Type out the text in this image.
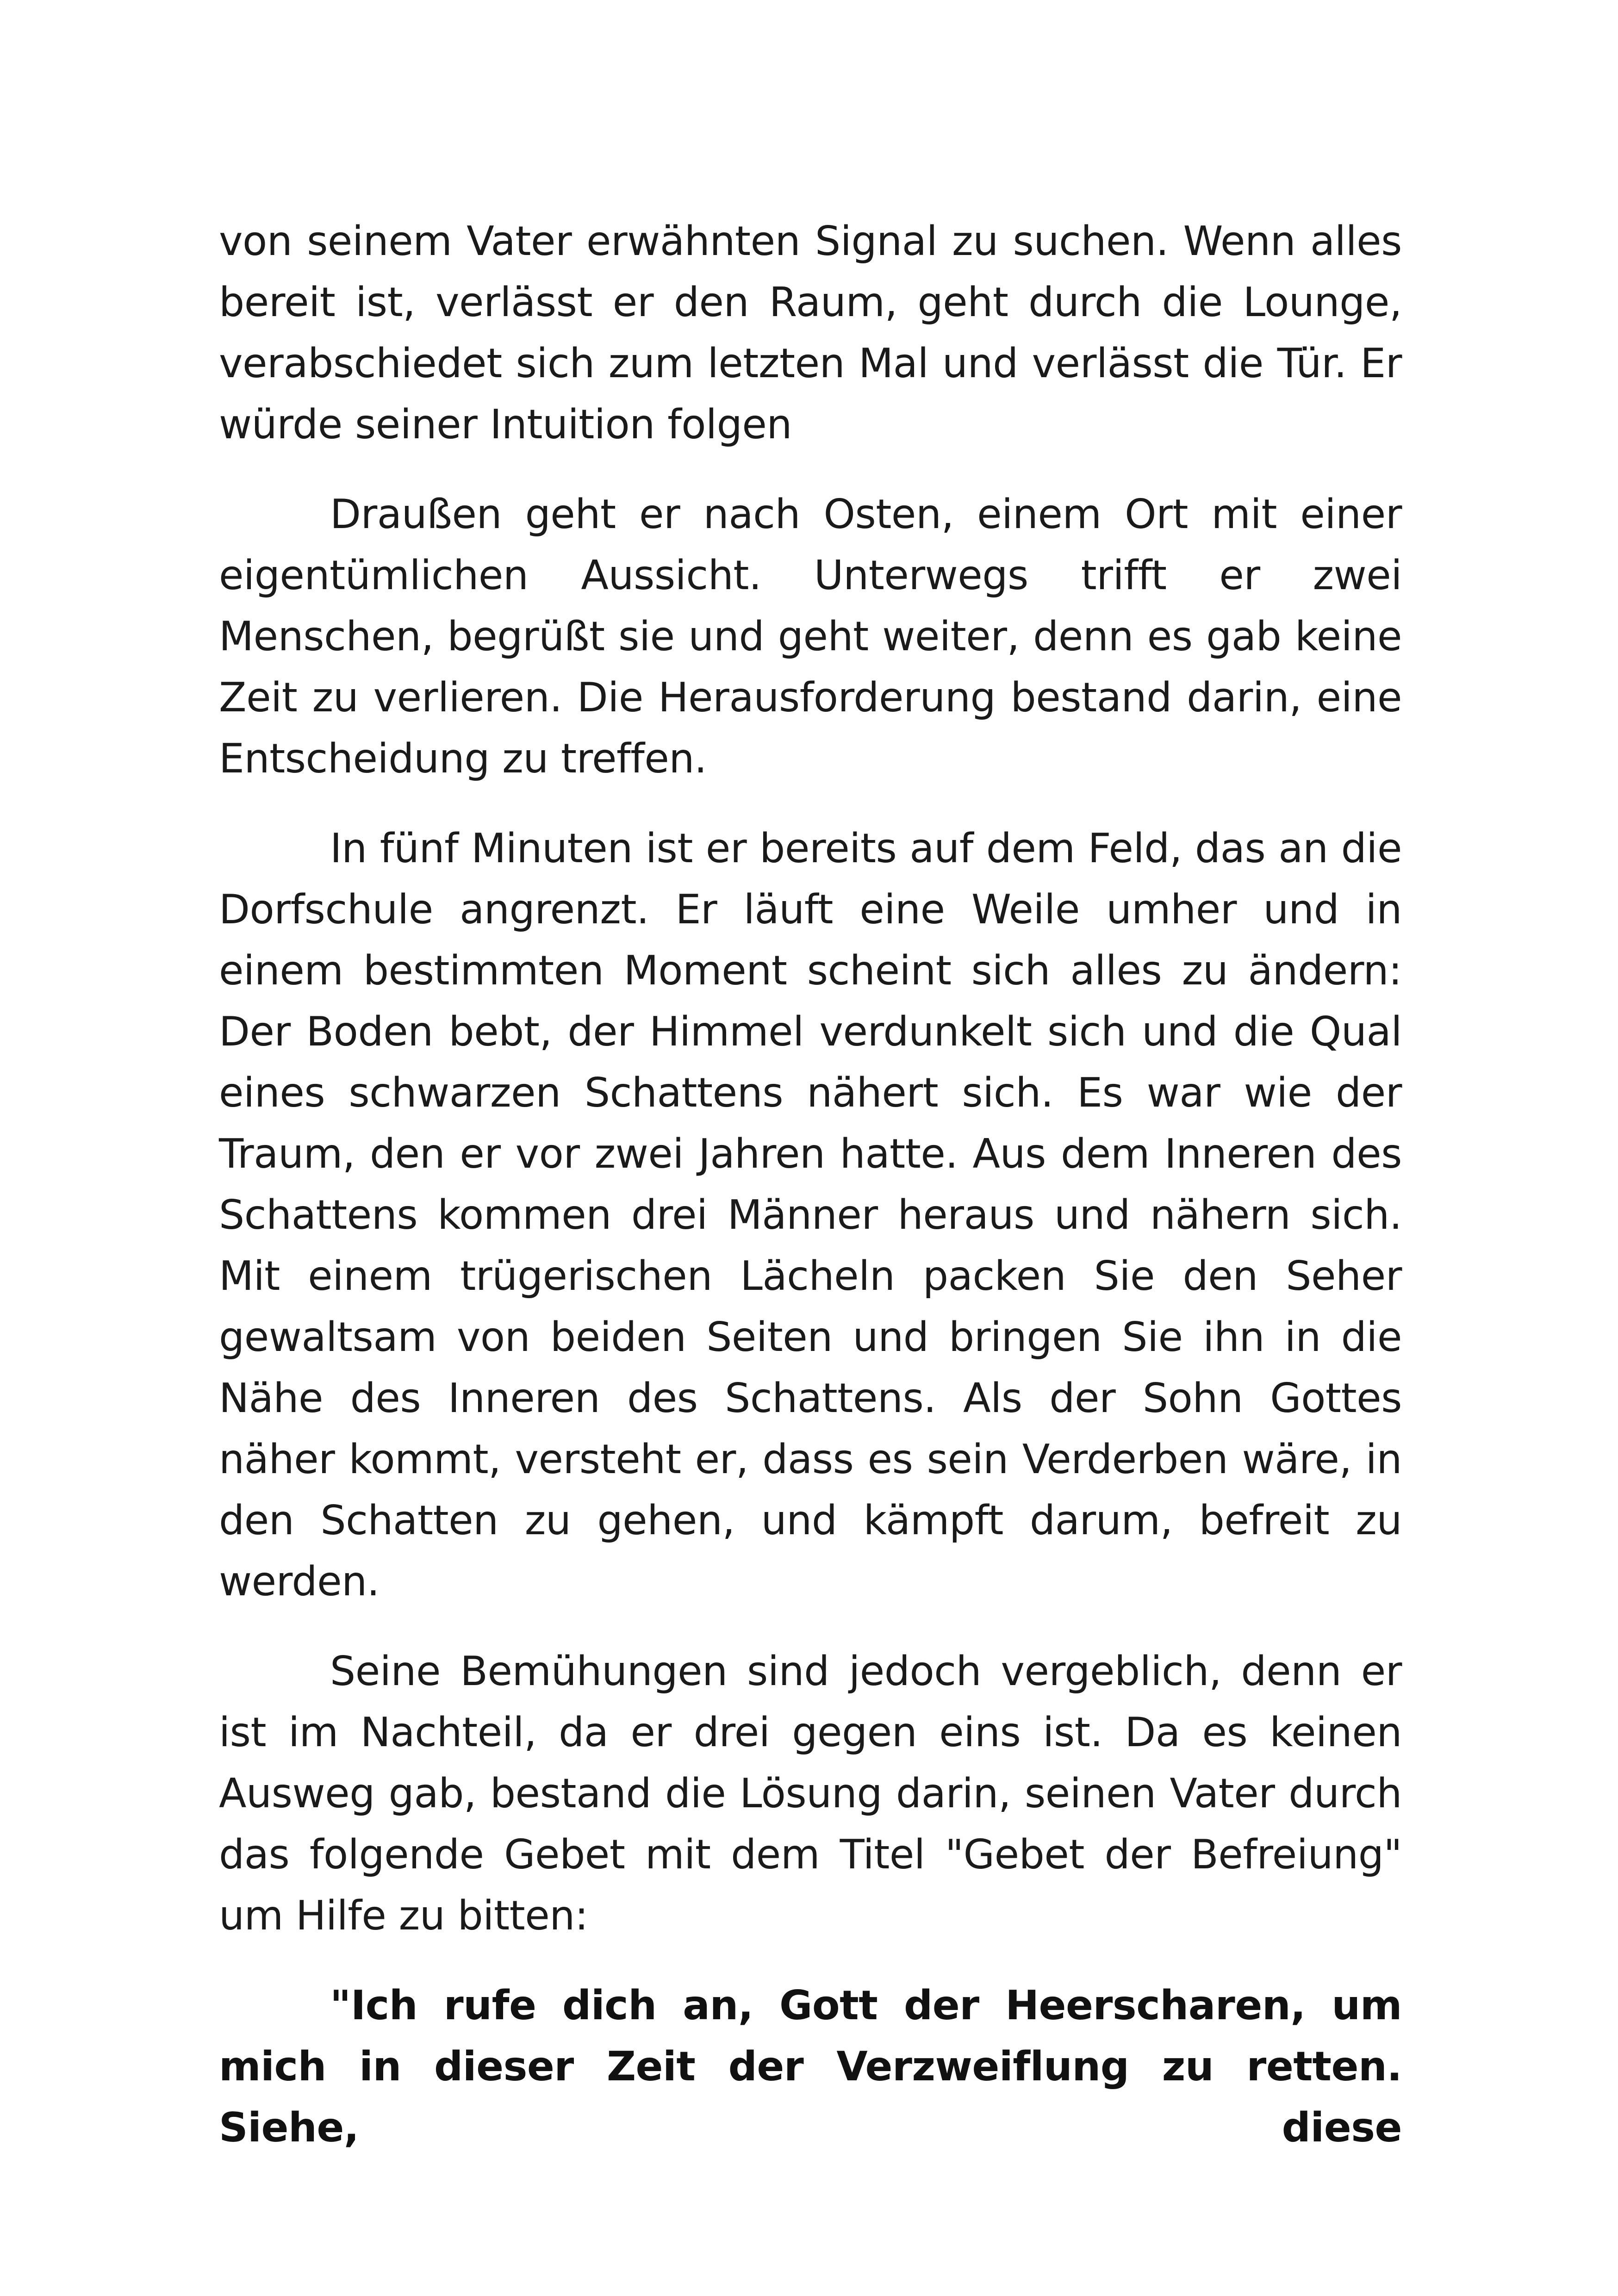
von seinem Vater erwähnten Signal zu suchen. Wenn alles bereit ist, verlässt er den Raum, geht durch die Lounge, verabschiedet sich zum letzten Mal und verlässt die Tür. Er würde seiner Intuition folgen

Draußen geht er nach Osten, einem Ort mit einer eigentümlichen Aussicht. Unterwegs trifft er zwei Menschen, begrüßt sie und geht weiter, denn es gab keine Zeit zu verlieren. Die Herausforderung bestand darin, eine Entscheidung zu treffen.

In fünf Minuten ist er bereits auf dem Feld, das an die Dorfschule angrenzt. Er läuft eine Weile umher und in einem bestimmten Moment scheint sich alles zu ändern: Der Boden bebt, der Himmel verdunkelt sich und die Qual eines schwarzen Schattens nähert sich. Es war wie der Traum, den er vor zwei Jahren hatte. Aus dem Inneren des Schattens kommen drei Männer heraus und nähern sich. Mit einem trügerischen Lächeln packen Sie den Seher gewaltsam von beiden Seiten und bringen Sie ihn in die Nähe des Inneren des Schattens. Als der Sohn Gottes näher kommt, versteht er, dass es sein Verderben wäre, in den Schatten zu gehen, und kämpft darum, befreit zu werden.

Seine Bemühungen sind jedoch vergeblich, denn er ist im Nachteil, da er drei gegen eins ist. Da es keinen Ausweg gab, bestand die Lösung darin, seinen Vater durch das folgende Gebet mit dem Titel "Gebet der Befreiung" um Hilfe zu bitten:

"Ich rufe dich an, Gott der Heerscharen, um mich in dieser Zeit der Verzweiflung zu retten. Siehe, diese
